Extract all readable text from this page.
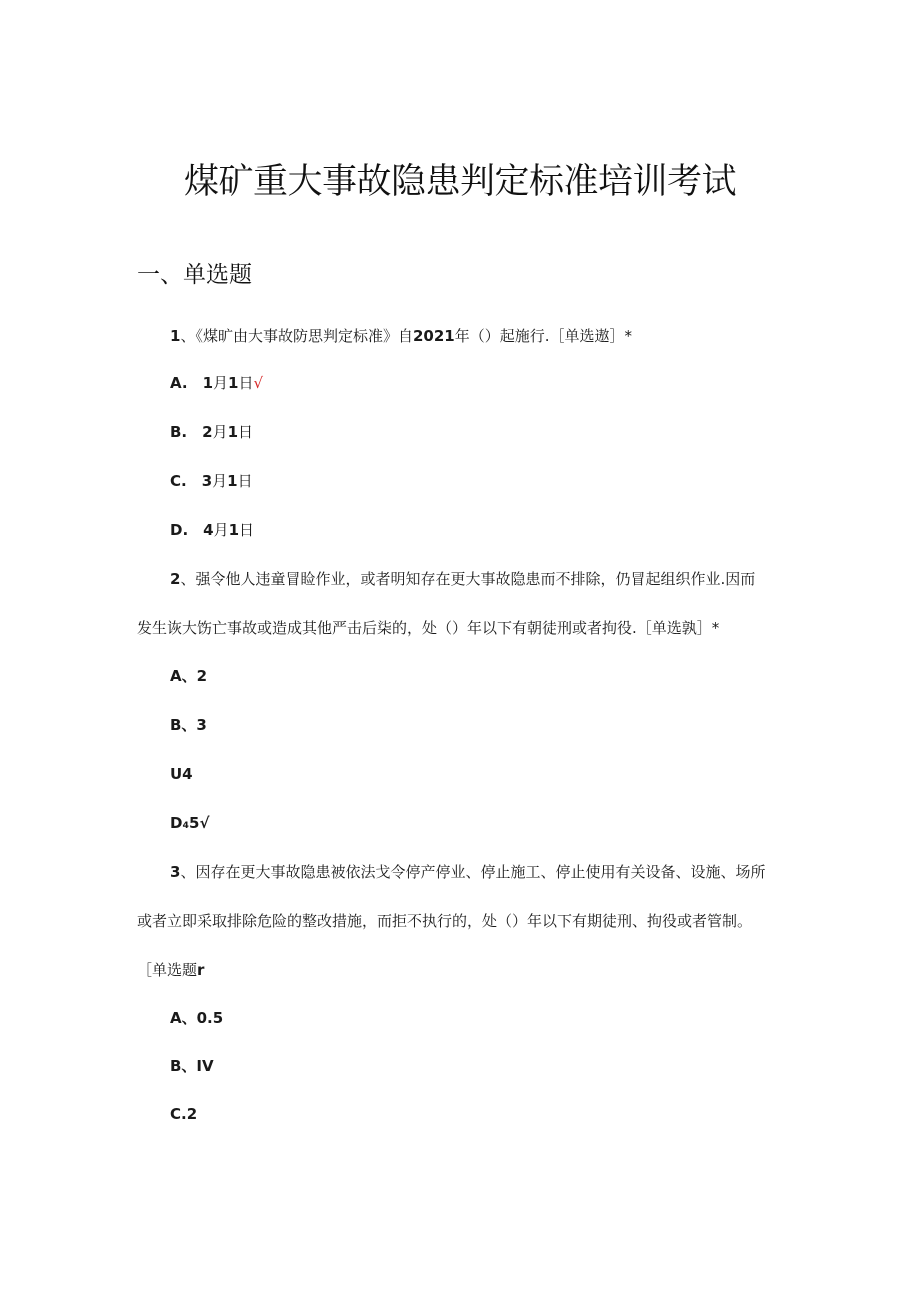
煤矿重大事故隐患判定标准培训考试
一、单选题
1、《煤旷由大事故防思判定标准》自2021年（）起施行.［单选遨］*
A. 1月1日√
B. 2月1日
C. 3月1日
D. 4月1日
2、强令他人违童冒睑作业，或者明知存在更大事故隐患而不排除，仍冒起组织作业.因而
发生诙大饬亡事故或造成其他严击后柒的，处（）年以下有朝徒刑或者拘役.［单选孰］*
A、2
B、3
U4
D₄5√
3、因存在更大事故隐患被依法戈令停产停业、停止施工、停止使用有关设备、设施、场所
或者立即采取排除危险的整改措施，而拒不执行的，处（）年以下有期徒刑、拘役或者管制。
［单选题r
A、0.5
B、IV
C.2
